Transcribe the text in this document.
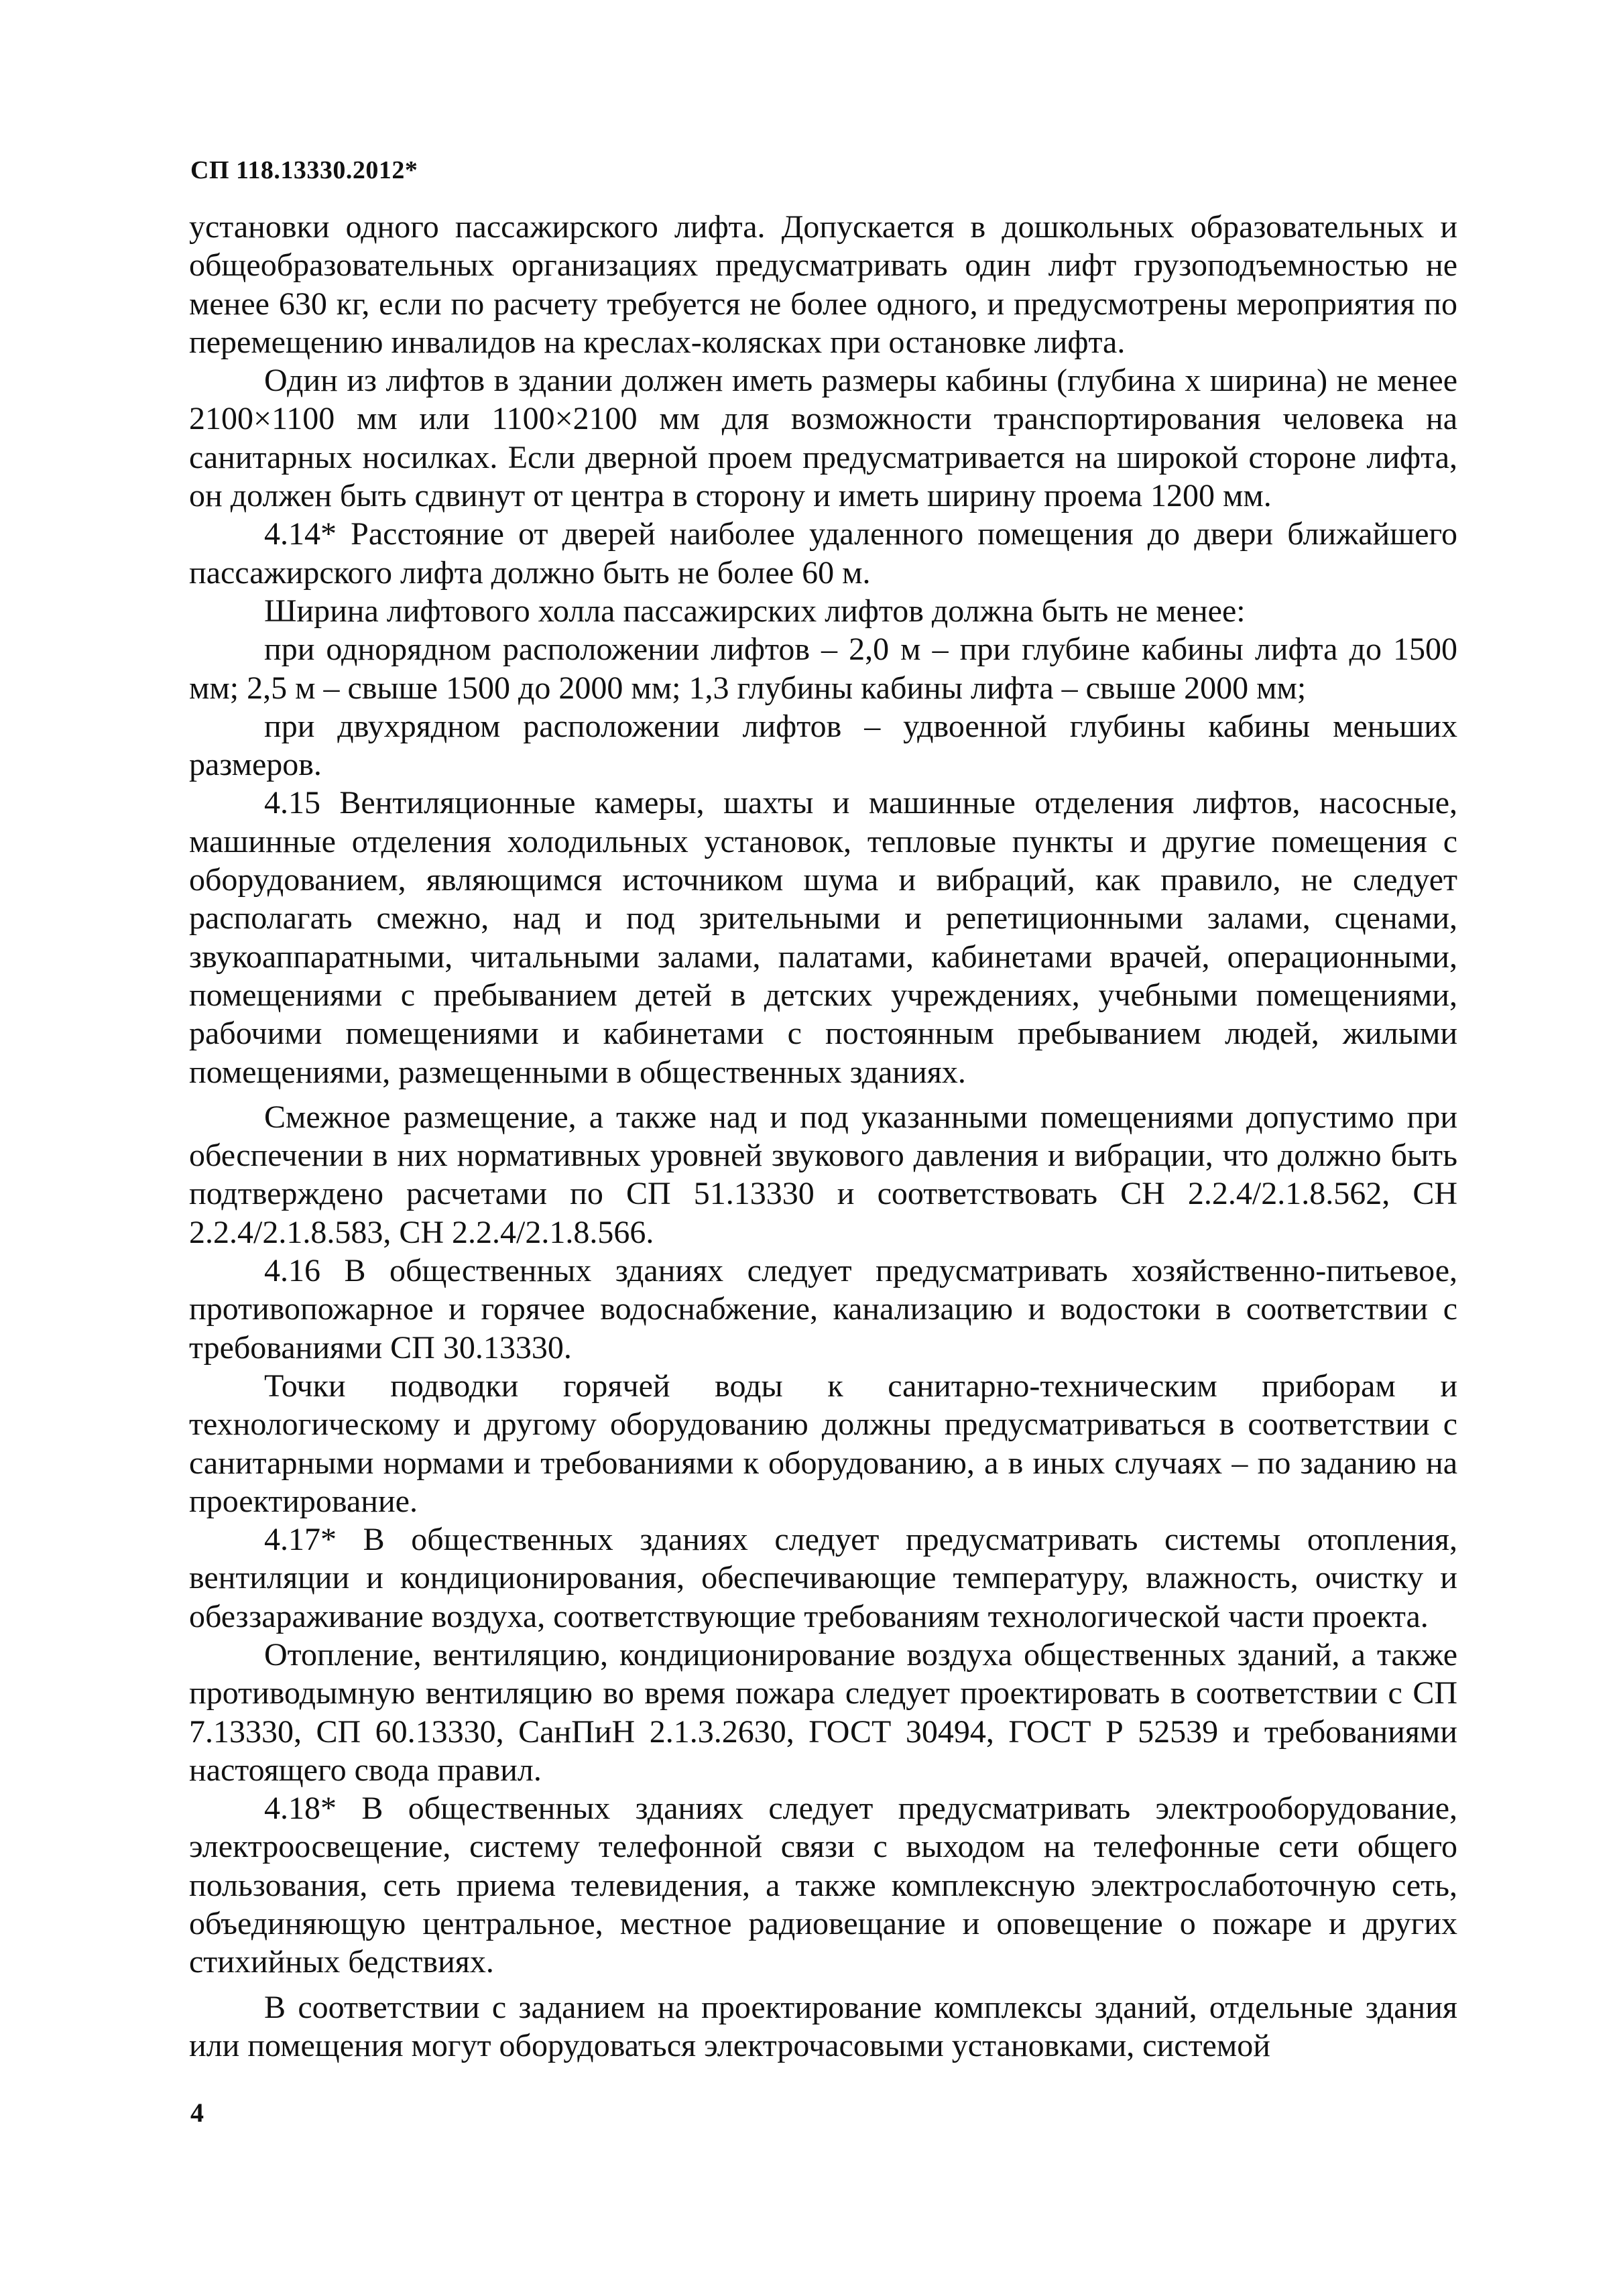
СП 118.13330.2012*

установки одного пассажирского лифта. Допускается в дошкольных образовательных и общеобразовательных организациях предусматривать один лифт грузоподъемностью не менее 630 кг, если по расчету требуется не более одного, и предусмотрены мероприятия по перемещению инвалидов на креслах-колясках при остановке лифта.

Один из лифтов в здании должен иметь размеры кабины (глубина х ширина) не менее 2100×1100 мм или 1100×2100 мм для возможности транспортирования человека на санитарных носилках. Если дверной проем предусматривается на широкой стороне лифта, он должен быть сдвинут от центра в сторону и иметь ширину проема 1200 мм.

4.14* Расстояние от дверей наиболее удаленного помещения до двери ближайшего пассажирского лифта должно быть не более 60 м.

Ширина лифтового холла пассажирских лифтов должна быть не менее:

при однорядном расположении лифтов – 2,0 м – при глубине кабины лифта до 1500 мм; 2,5 м – свыше 1500 до 2000 мм; 1,3 глубины кабины лифта – свыше 2000 мм;

при двухрядном расположении лифтов – удвоенной глубины кабины меньших размеров.

4.15 Вентиляционные камеры, шахты и машинные отделения лифтов, насосные, машинные отделения холодильных установок, тепловые пункты и другие помещения с оборудованием, являющимся источником шума и вибраций, как правило, не следует располагать смежно, над и под зрительными и репетиционными залами, сценами, звукоаппаратными, читальными залами, палатами, кабинетами врачей, операционными, помещениями с пребыванием детей в детских учреждениях, учебными помещениями, рабочими помещениями и кабинетами с постоянным пребыванием людей, жилыми помещениями, размещенными в общественных зданиях.

Смежное размещение, а также над и под указанными помещениями допустимо при обеспечении в них нормативных уровней звукового давления и вибрации, что должно быть подтверждено расчетами по СП 51.13330 и соответствовать СН 2.2.4/2.1.8.562, СН 2.2.4/2.1.8.583, СН 2.2.4/2.1.8.566.

4.16 В общественных зданиях следует предусматривать хозяйственно-питьевое, противопожарное и горячее водоснабжение, канализацию и водостоки в соответствии с требованиями СП 30.13330.

Точки подводки горячей воды к санитарно-техническим приборам и технологическому и другому оборудованию должны предусматриваться в соответствии с санитарными нормами и требованиями к оборудованию, а в иных случаях – по заданию на проектирование.

4.17* В общественных зданиях следует предусматривать системы отопления, вентиляции и кондиционирования, обеспечивающие температуру, влажность, очистку и обеззараживание воздуха, соответствующие требованиям технологической части проекта.

Отопление, вентиляцию, кондиционирование воздуха общественных зданий, а также противодымную вентиляцию во время пожара следует проектировать в соответствии с СП 7.13330, СП 60.13330, СанПиН 2.1.3.2630, ГОСТ 30494, ГОСТ Р 52539 и требованиями настоящего свода правил.

4.18* В общественных зданиях следует предусматривать электрооборудование, электроосвещение, систему телефонной связи с выходом на телефонные сети общего пользования, сеть приема телевидения, а также комплексную электрослаботочную сеть, объединяющую центральное, местное радиовещание и оповещение о пожаре и других стихийных бедствиях.

В соответствии с заданием на проектирование комплексы зданий, отдельные здания или помещения могут оборудоваться электрочасовыми установками, системой

4
